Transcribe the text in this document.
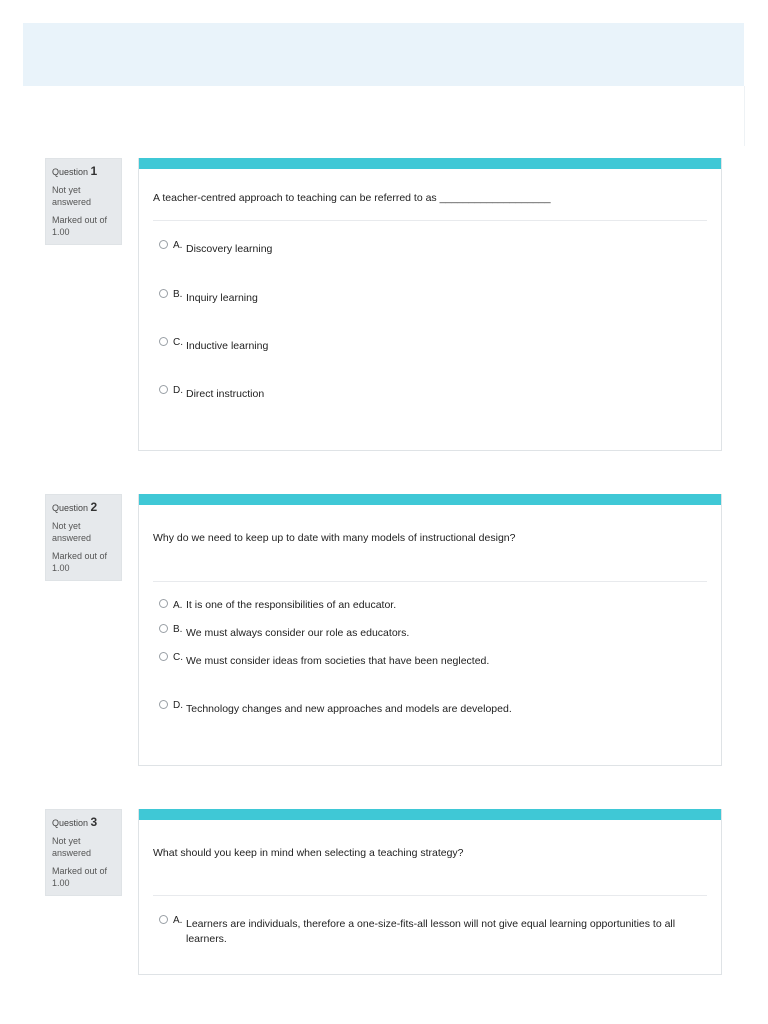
Question 1
Not yet answered
Marked out of 1.00
A teacher-centred approach to teaching can be referred to as ___________________
A. Discovery learning
B. Inquiry learning
C. Inductive learning
D. Direct instruction
Question 2
Not yet answered
Marked out of 1.00
Why do we need to keep up to date with many models of instructional design?
A. It is one of the responsibilities of an educator.
B. We must always consider our role as educators.
C. We must consider ideas from societies that have been neglected.
D. Technology changes and new approaches and models are developed.
Question 3
Not yet answered
Marked out of 1.00
What should you keep in mind when selecting a teaching strategy?
A. Learners are individuals, therefore a one-size-fits-all lesson will not give equal learning opportunities to all learners.
